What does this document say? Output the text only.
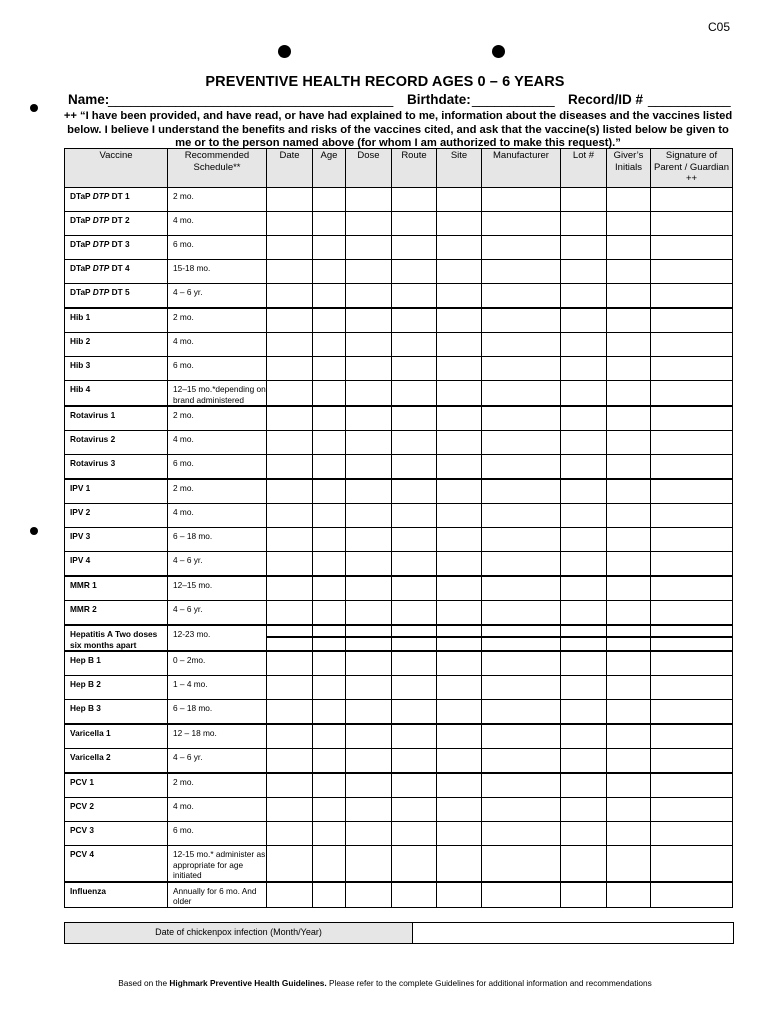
C05
PREVENTIVE HEALTH RECORD AGES 0 – 6 YEARS
Name:
______________________________________ Birthdate: ___________ Record/ID # ___________
++ “I have been provided, and have read, or have had explained to me, information about the diseases and the vaccines listed below. I believe I understand the benefits and risks of the vaccines cited, and ask that the vaccine(s) listed below be given to me or to the person named above (for whom I am authorized to make this request).”
Vaccine	Recommended Schedule**	Date	Age	Dose	Route	Site	Manufacturer	Lot #	Giver’s Initials	Signature of Parent / Guardian ++
DTaP DTP DT 1	2 mo.									
DTaP DTP DT 2	4 mo.									
DTaP DTP DT 3	6 mo.									
DTaP DTP DT 4	15-18 mo.									
DTaP DTP DT 5	4 – 6 yr.									
Hib 1	2 mo.									
Hib 2	4 mo.									
Hib 3	6 mo.									
Hib 4	12–15 mo.*depending on brand administered									
Rotavirus 1	2 mo.									
Rotavirus 2	4 mo.									
Rotavirus 3	6 mo.									
IPV 1	2 mo.									
IPV 2	4 mo.									
IPV 3	6 – 18 mo.									
IPV 4	4 – 6 yr.									
MMR 1	12–15 mo.									
MMR 2	4 – 6 yr.									
Hepatitis A Two doses six months apart	12-23 mo.	

Hep B 1	0 – 2mo.									
Hep B 2	1 – 4 mo.									
Hep B 3	6 – 18 mo.									
Varicella 1	12 – 18 mo.									
Varicella 2	4 – 6 yr.									
PCV 1	2 mo.									
PCV 2	4 mo.									
PCV 3	6 mo.									
PCV 4	12-15 mo.* administer as appropriate for age initiated									
Influenza	Annually for 6 mo. And older									
Date of chickenpox infection (Month/Year)
Based on the Highmark Preventive Health Guidelines. Please refer to the complete Guidelines for additional information and recommendations
